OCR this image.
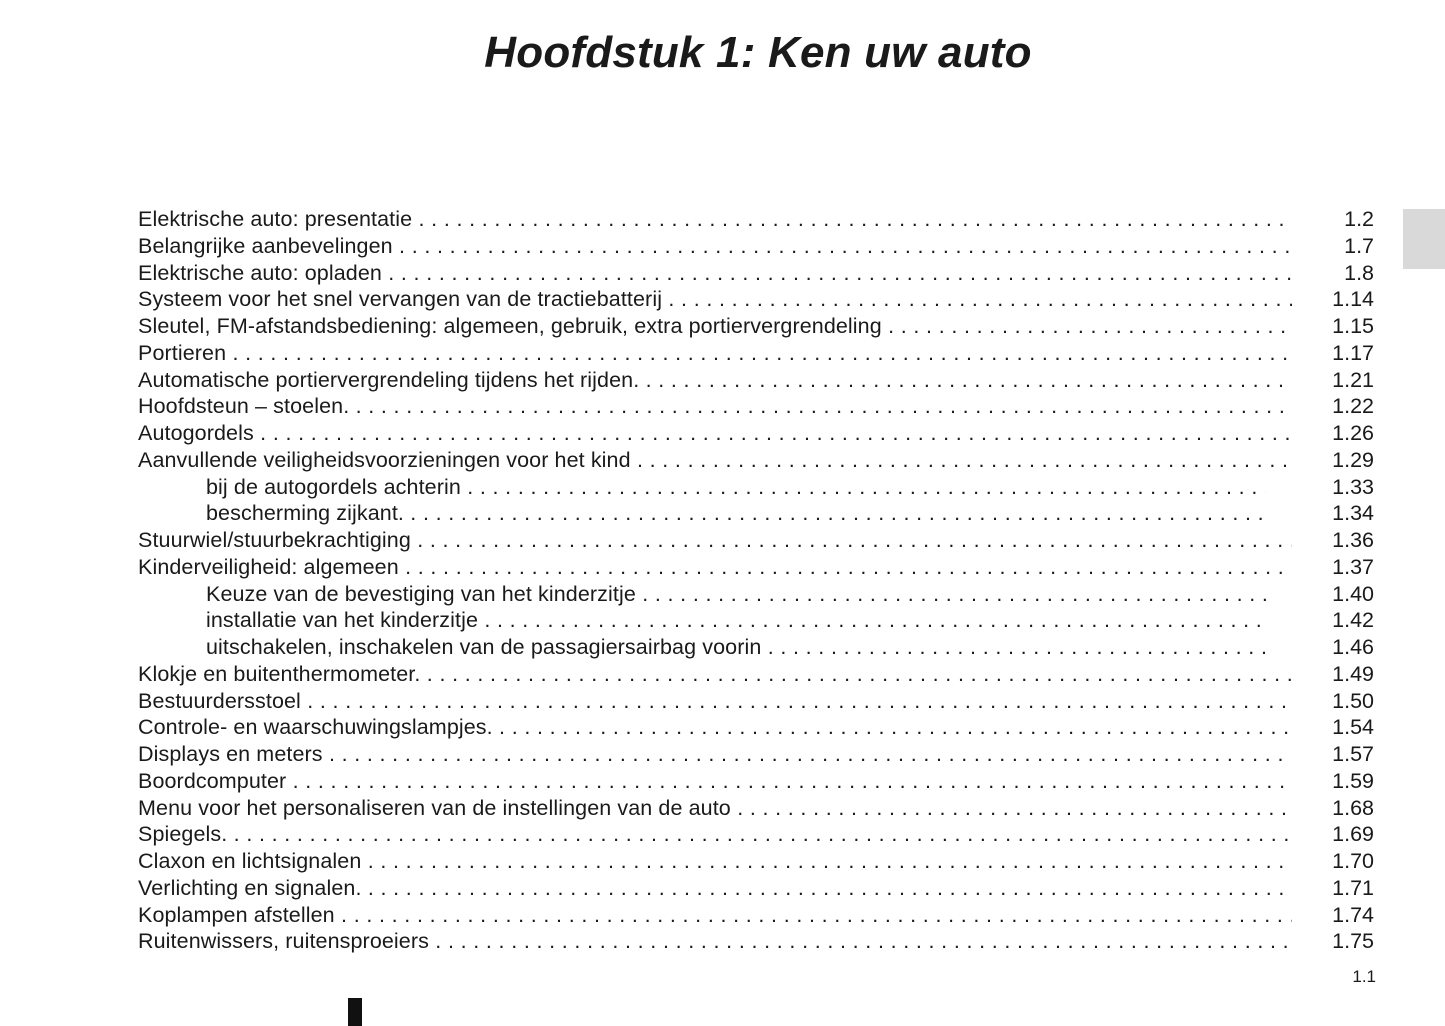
Hoofdstuk 1: Ken uw auto
Elektrische auto: presentatie . . .	1.2
Belangrijke aanbevelingen . . .	1.7
Elektrische auto: opladen . . .	1.8
Systeem voor het snel vervangen van de tractiebatterij . . .	1.14
Sleutel, FM-afstandsbediening: algemeen, gebruik, extra portiervergrendeling . . .	1.15
Portieren . . .	1.17
Automatische portiervergrendeling tijdens het rijden. . . .	1.21
Hoofdsteun – stoelen. . . .	1.22
Autogordels . . .	1.26
Aanvullende veiligheidsvoorzieningen voor het kind . . .	1.29
bij de autogordels achterin . . .	1.33
bescherming zijkant. . . .	1.34
Stuurwiel/stuurbekrachtiging . . .	1.36
Kinderveiligheid: algemeen . . .	1.37
Keuze van de bevestiging van het kinderzitje . . .	1.40
installatie van het kinderzitje . . .	1.42
uitschakelen, inschakelen van de passagiersairbag voorin . . .	1.46
Klokje en buitenthermometer. . . .	1.49
Bestuurdersstoel . . .	1.50
Controle- en waarschuwingslampjes. . . .	1.54
Displays en meters . . .	1.57
Boordcomputer . . .	1.59
Menu voor het personaliseren van de instellingen van de auto . . .	1.68
Spiegels. . . .	1.69
Claxon en lichtsignalen . . .	1.70
Verlichting en signalen. . . .	1.71
Koplampen afstellen . . .	1.74
Ruitenwissers, ruitensproeiers . . .	1.75
1.1
